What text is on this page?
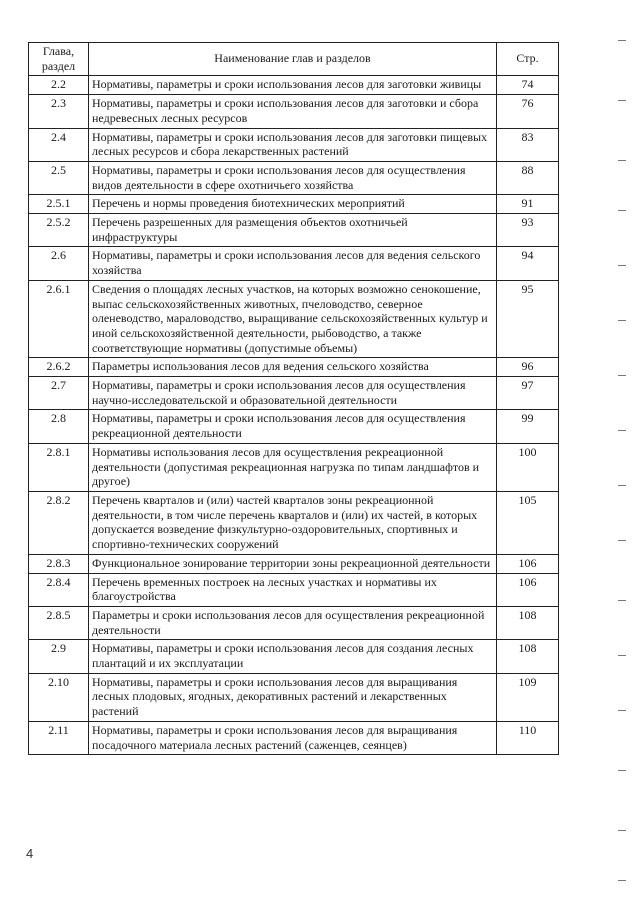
Глава, раздел	Наименование глав и разделов	Стр.
2.2	Нормативы, параметры и сроки использования лесов для заготовки живицы	74
2.3	Нормативы, параметры и сроки использования лесов для заготовки и сбора недревесных лесных ресурсов	76
2.4	Нормативы, параметры и сроки использования лесов для заготовки пищевых лесных ресурсов и сбора лекарственных растений	83
2.5	Нормативы, параметры и сроки использования лесов для осуществления видов деятельности в сфере охотничьего хозяйства	88
2.5.1	Перечень и нормы проведения биотехнических мероприятий	91
2.5.2	Перечень разрешенных для размещения объектов охотничьей инфраструктуры	93
2.6	Нормативы, параметры и сроки использования лесов для ведения сельского хозяйства	94
2.6.1	Сведения о площадях лесных участков, на которых возможно сенокошение, выпас сельскохозяйственных животных, пчеловодство, северное оленеводство, мараловодство, выращивание сельскохозяйственных культур и иной сельскохозяйственной деятельности, рыбоводство, а также соответствующие нормативы (допустимые объемы)	95
2.6.2	Параметры использования лесов для ведения сельского хозяйства	96
2.7	Нормативы, параметры и сроки использования лесов для осуществления научно-исследовательской и образовательной деятельности	97
2.8	Нормативы, параметры и сроки использования лесов для осуществления рекреационной деятельности	99
2.8.1	Нормативы использования лесов для осуществления рекреационной деятельности (допустимая рекреационная нагрузка по типам ландшафтов и другое)	100
2.8.2	Перечень кварталов и (или) частей кварталов зоны рекреационной деятельности, в том числе перечень кварталов и (или) их частей, в которых допускается возведение физкультурно-оздоровительных, спортивных и спортивно-технических сооружений	105
2.8.3	Функциональное зонирование территории зоны рекреационной деятельности	106
2.8.4	Перечень временных построек на лесных участках и нормативы их благоустройства	106
2.8.5	Параметры и сроки использования лесов для осуществления рекреационной деятельности	108
2.9	Нормативы, параметры и сроки использования лесов для создания лесных плантаций и их эксплуатации	108
2.10	Нормативы, параметры и сроки использования лесов для выращивания лесных плодовых, ягодных, декоративных растений и лекарственных растений	109
2.11	Нормативы, параметры и сроки использования лесов для выращивания посадочного материала лесных растений (саженцев, сеянцев)	110
4
